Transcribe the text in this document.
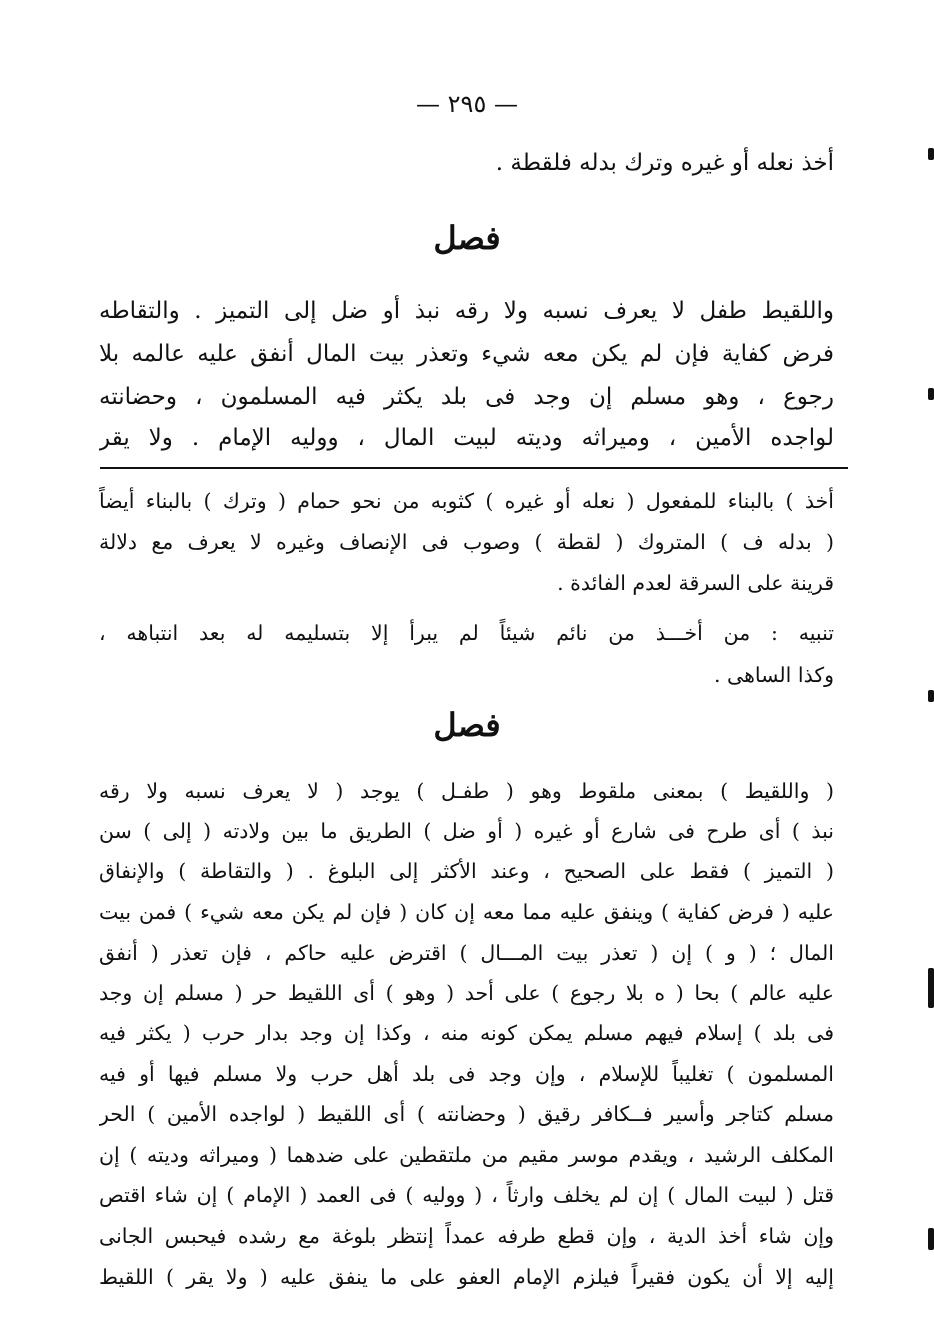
— ٢٩٥ —
أخذ نعله أو غيره وترك بدله فلقطة .
فصل
واللقيط طفل لا يعرف نسبه ولا رقه نبذ أو ضل إلى التميز . والتقاطه
فرض كفاية فإن لم يكن معه شيء وتعذر بيت المال أنفق عليه عالمه بلا
رجوع ، وهو مسلم إن وجد فى بلد يكثر فيه المسلمون ، وحضانته
لواجده الأمين ، وميراثه وديته لبيت المال ، ووليه الإمام . ولا يقر
أخذ ) بالبناء للمفعول ( نعله أو غيره ) كثوبه من نحو حمام ( وترك ) بالبناء أيضاً
( بدله ف ) المتروك ( لقطة ) وصوب فى الإنصاف وغيره لا يعرف مع دلالة
قرينة على السرقة لعدم الفائدة .
تنبيه : من أخـــذ من نائم شيئاً لم يبرأ إلا بتسليمه له بعد انتباهه ،
وكذا الساهى .
فصل
( واللقيط ) بمعنى ملقوط وهو ( طفـل ) يوجد ( لا يعرف نسبه ولا رقه
نبذ ) أى طرح فى شارع أو غيره ( أو ضل ) الطريق ما بين ولادته ( إلى ) سن
( التميز ) فقط على الصحيح ، وعند الأكثر إلى البلوغ . ( والتقاطة ) والإنفاق
عليه ( فرض كفاية ) وينفق عليه مما معه إن كان ( فإن لم يكن معه شيء ) فمن بيت
المال ؛ ( و ) إن ( تعذر بيت المـــال ) اقترض عليه حاكم ، فإن تعذر ( أنفق
عليه عالم ) بحا ( ه بلا رجوع ) على أحد ( وهو ) أى اللقيط حر ( مسلم إن وجد
فى بلد ) إسلام فيهم مسلم يمكن كونه منه ، وكذا إن وجد بدار حرب ( يكثر فيه
المسلمون ) تغليباً للإسلام ، وإن وجد فى بلد أهل حرب ولا مسلم فيها أو فيه
مسلم كتاجر وأسير فــكافر رقيق ( وحضانته ) أى اللقيط ( لواجده الأمين ) الحر
المكلف الرشيد ، ويقدم موسر مقيم من ملتقطين على ضدهما ( وميراثه وديته ) إن
قتل ( لبيت المال ) إن لم يخلف وارثاً ، ( ووليه ) فى العمد ( الإمام ) إن شاء اقتص
وإن شاء أخذ الدية ، وإن قطع طرفه عمداً إنتظر بلوغة مع رشده فيحبس الجانى
إليه إلا أن يكون فقيراً فيلزم الإمام العفو على ما ينفق عليه ( ولا يقر ) اللقيط
